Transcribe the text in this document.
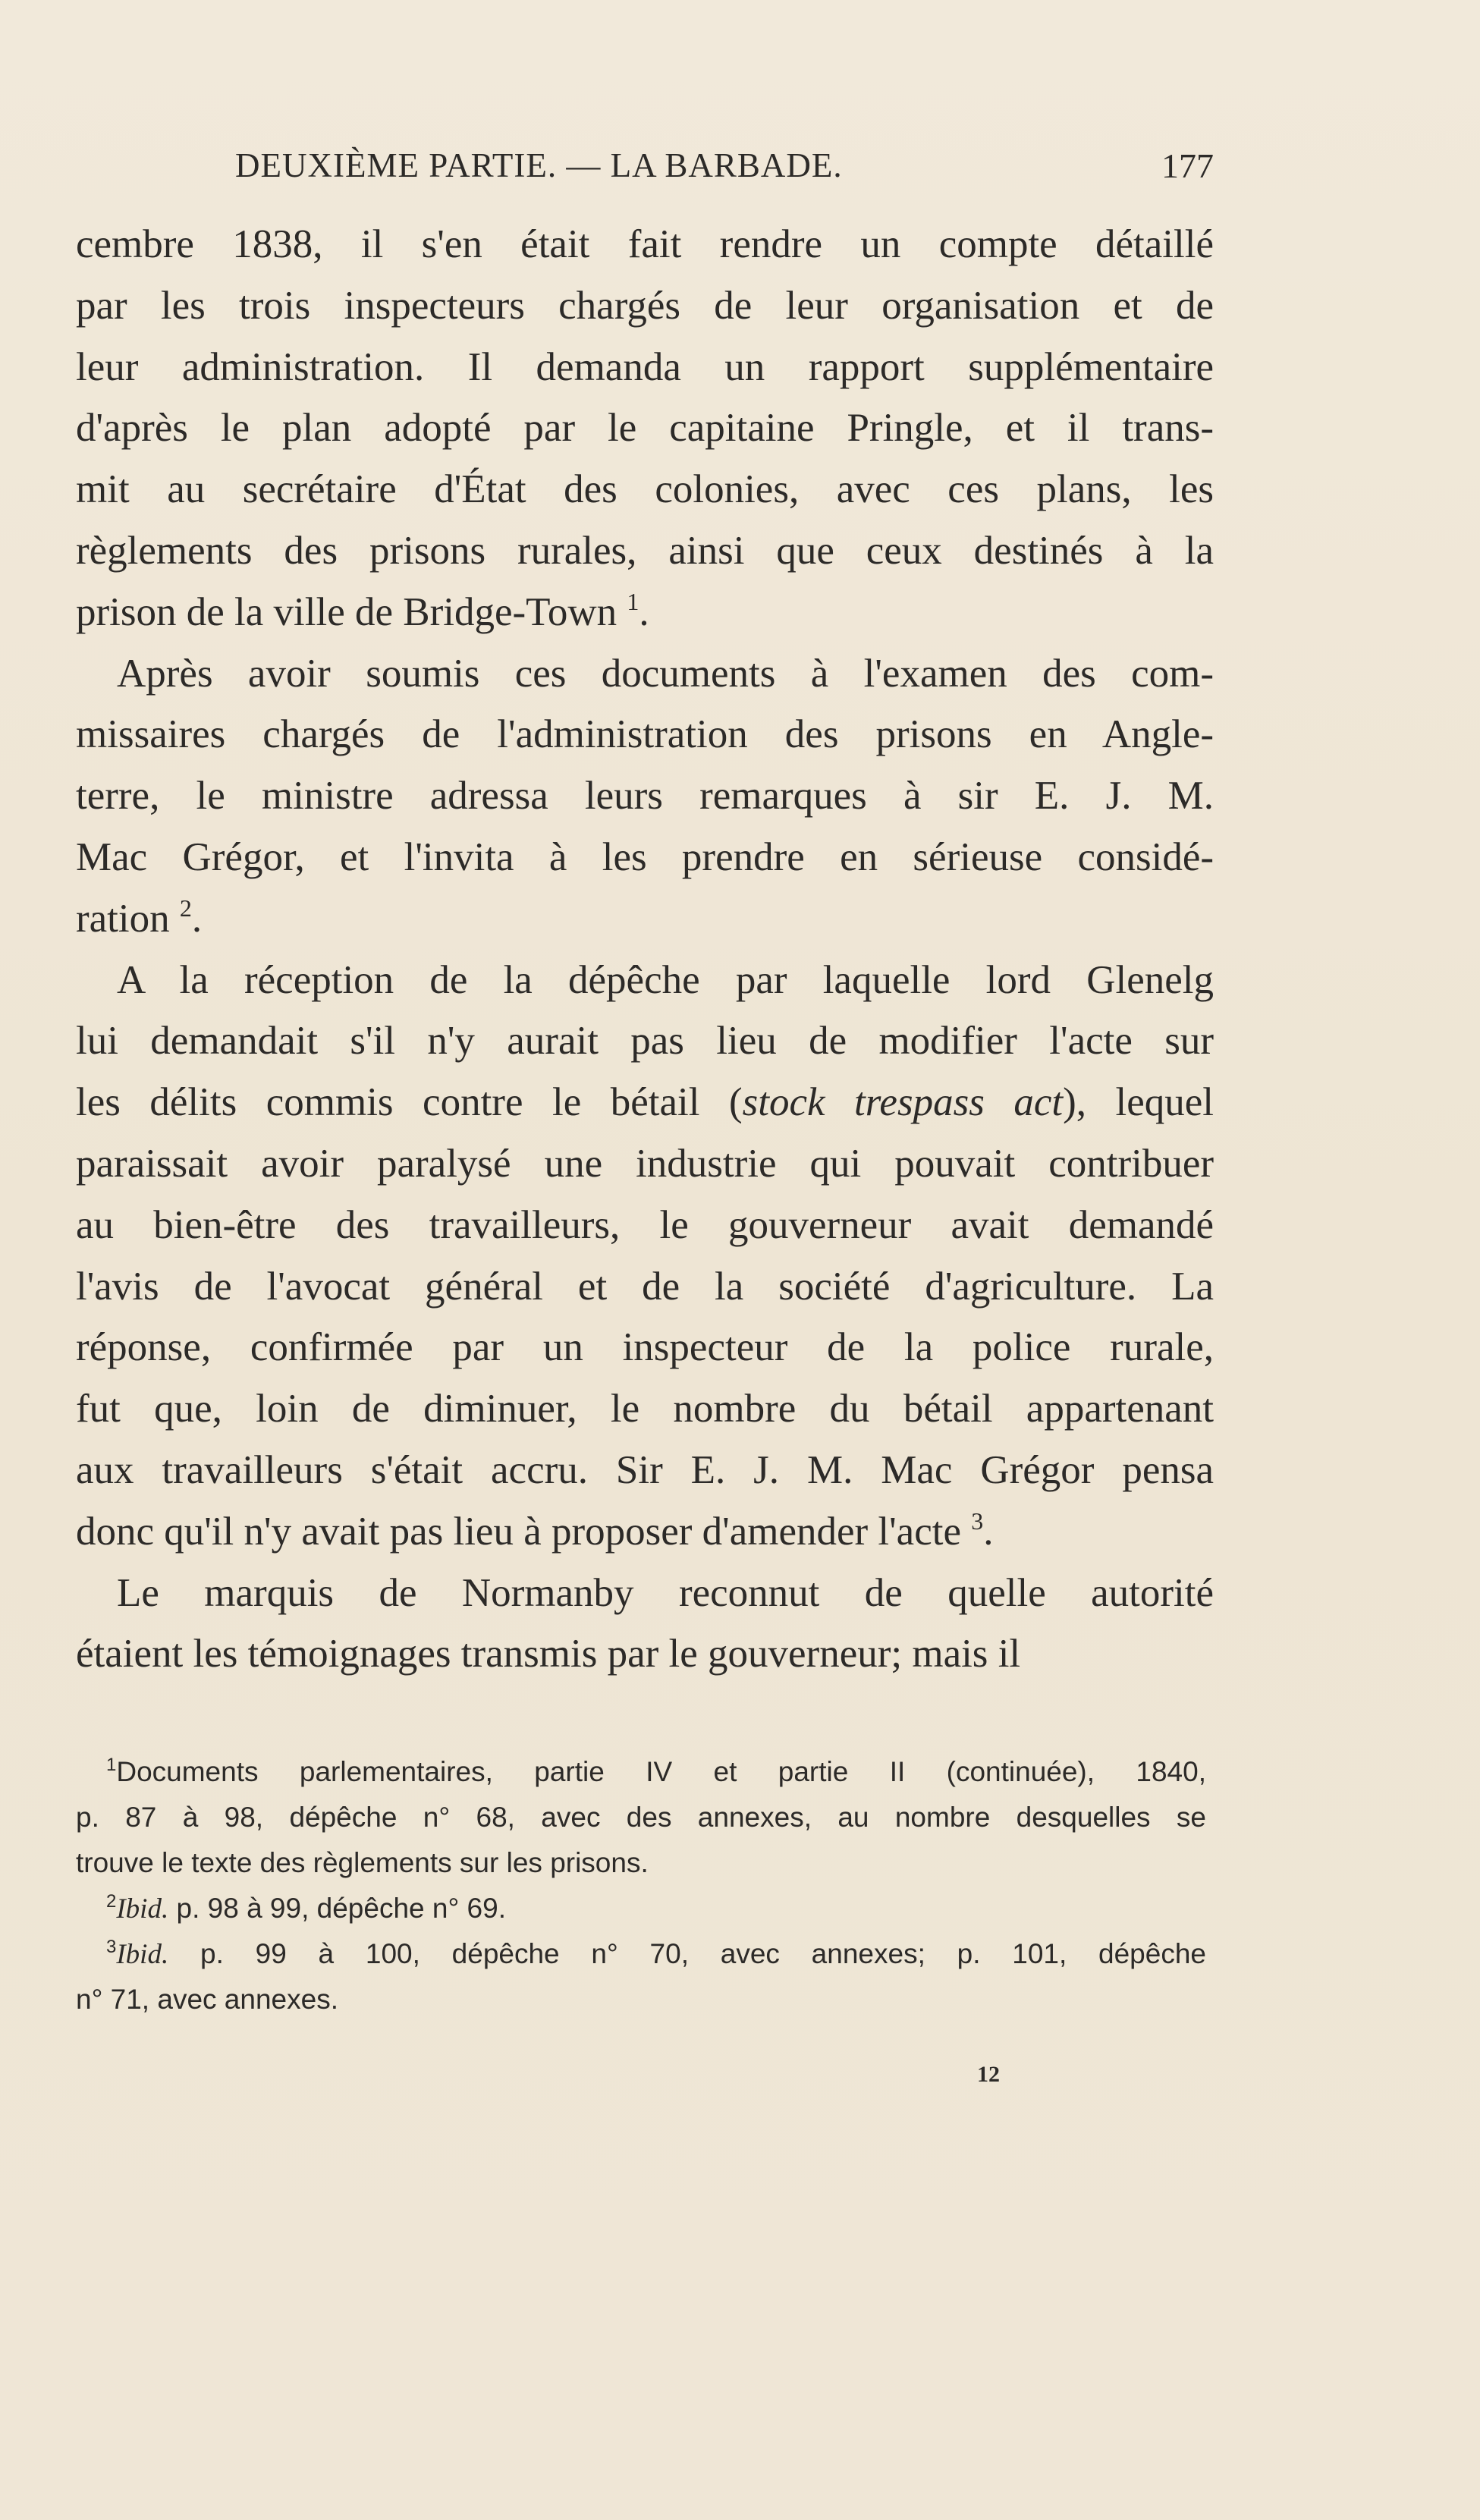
DEUXIÈME PARTIE. — LA BARBADE.	177
cembre 1838, il s'en était fait rendre un compte détaillé
par les trois inspecteurs chargés de leur organisation et de
leur administration. Il demanda un rapport supplémentaire
d'après le plan adopté par le capitaine Pringle, et il trans-
mit au secrétaire d'État des colonies, avec ces plans, les
règlements des prisons rurales, ainsi que ceux destinés à la
prison de la ville de Bridge-Town $^1$.
Après avoir soumis ces documents à l'examen des com-
missaires chargés de l'administration des prisons en Angle-
terre, le ministre adressa leurs remarques à sir E. J. M.
Mac Grégor, et l'invita à les prendre en sérieuse considé-
ration $^2$.
A la réception de la dépêche par laquelle lord Glenelg
lui demandait s'il n'y aurait pas lieu de modifier l'acte sur
les délits commis contre le bétail (stock trespass act), lequel
paraissait avoir paralysé une industrie qui pouvait contribuer
au bien-être des travailleurs, le gouverneur avait demandé
l'avis de l'avocat général et de la société d'agriculture. La
réponse, confirmée par un inspecteur de la police rurale,
fut que, loin de diminuer, le nombre du bétail appartenant
aux travailleurs s'était accru. Sir E. J. M. Mac Grégor pensa
donc qu'il n'y avait pas lieu à proposer d'amender l'acte $^3$.
Le marquis de Normanby reconnut de quelle autorité
étaient les témoignages transmis par le gouverneur; mais il
$^1$Documents parlementaires, partie IV et partie II (continuée), 1840,
p. 87 à 98, dépêche n° 68, avec des annexes, au nombre desquelles se
trouve le texte des règlements sur les prisons.
$^2$Ibid. p. 98 à 99, dépêche n° 69.
$^3$Ibid. p. 99 à 100, dépêche n° 70, avec annexes; p. 101, dépêche
n° 71, avec annexes.
12
